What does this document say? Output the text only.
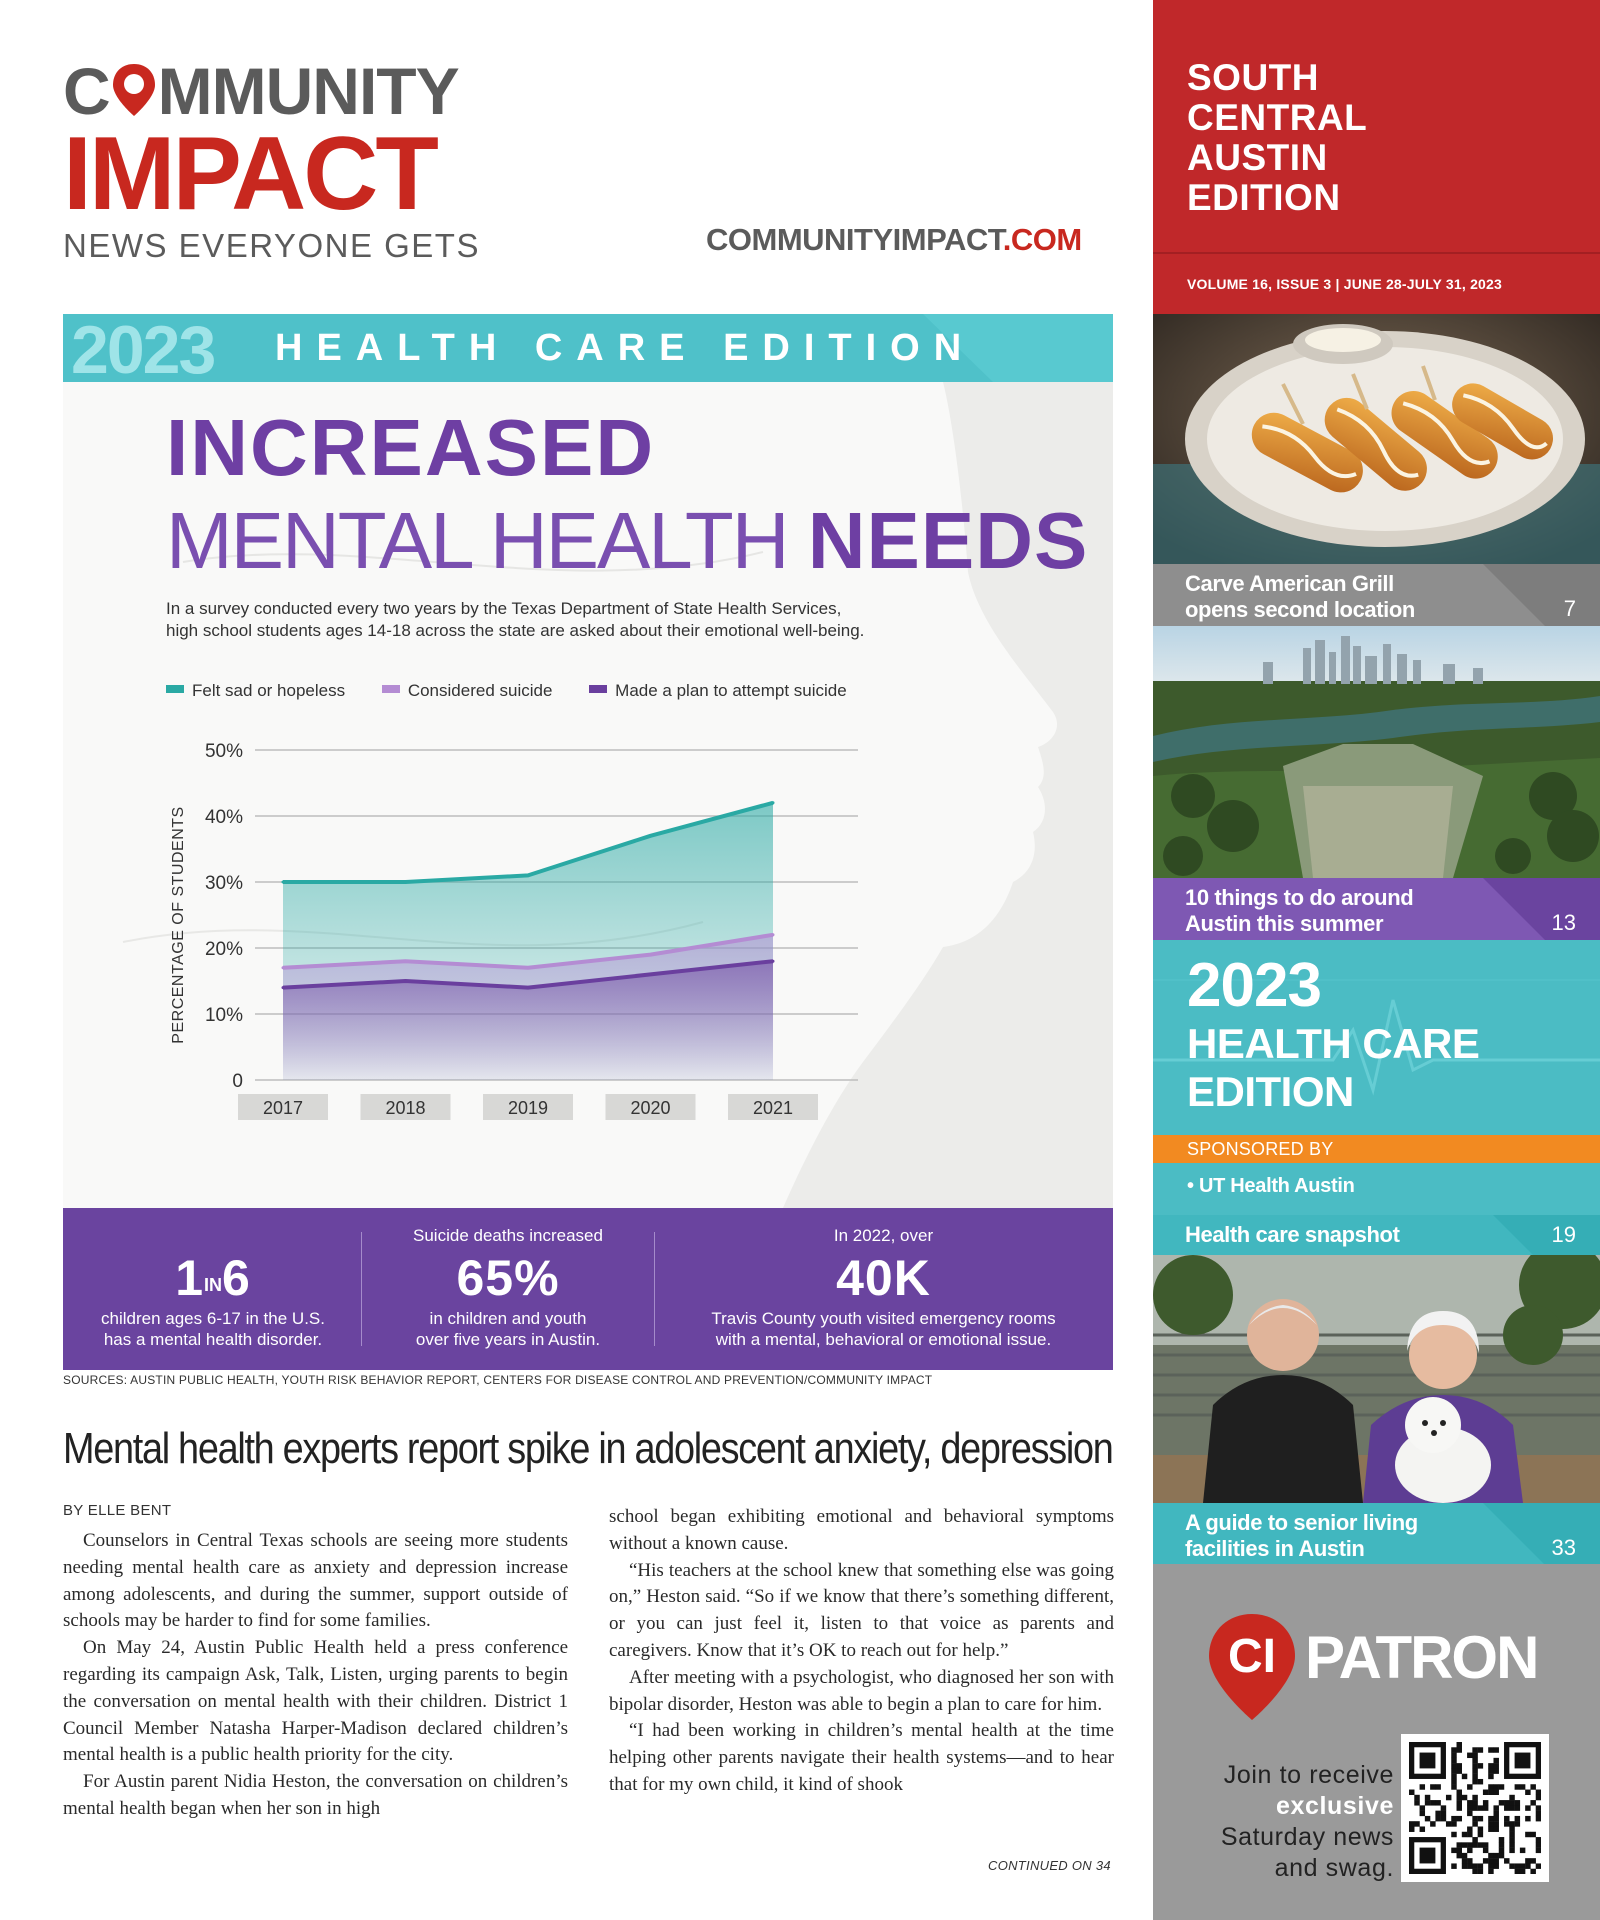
C MMUNITY
IMPACT
NEWS EVERYONE GETS	COMMUNITYIMPACT.COM
2023 HEALTH CARE EDITION
INCREASED
MENTAL HEALTH NEEDS
In a survey conducted every two years by the Texas Department of State Health Services,
high school students ages 14-18 across the state are asked about their emotional well-being.
Felt sad or hopeless	Considered suicide	Made a plan to attempt suicide
0
10%
20%
30%
40%
50%
PERCENTAGE OF STUDENTS
2017	2018	2019	2020	2021
1IN6
children ages 6-17 in the U.S.
has a mental health disorder.
Suicide deaths increased
65%
in children and youth
over five years in Austin.
In 2022, over
40K
Travis County youth visited emergency rooms
with a mental, behavioral or emotional issue.
SOURCES: AUSTIN PUBLIC HEALTH, YOUTH RISK BEHAVIOR REPORT, CENTERS FOR DISEASE CONTROL AND PREVENTION/COMMUNITY IMPACT
Mental health experts report spike in adolescent anxiety, depression
BY ELLE BENT

Counselors in Central Texas schools are seeing more students needing mental health care as anxiety and depression increase among adolescents, and during the summer, support outside of schools may be harder to find for some families.

On May 24, Austin Public Health held a press conference regarding its campaign Ask, Talk, Listen, urging parents to begin the conversation on mental health with their children. District 1 Council Member Natasha Harper-Madison declared children’s mental health is a public health priority for the city.

For Austin parent Nidia Heston, the conversation on children’s mental health began when her son in high

school began exhibiting emotional and behavioral symptoms without a known cause.

“His teachers at the school knew that something else was going on,” Heston said. “So if we know that there’s something different, or you can just feel it, listen to that voice as parents and caregivers. Know that it’s OK to reach out for help.”

After meeting with a psychologist, who diagnosed her son with bipolar disorder, Heston was able to begin a plan to care for him.

“I had been working in children’s mental health at the time helping other parents navigate their health systems—and to hear that for my own child, it kind of shook

CONTINUED ON 34
SOUTH
CENTRAL
AUSTIN
EDITION
VOLUME 16, ISSUE 3 | JUNE 28-JULY 31, 2023
Carve American Grill
opens second location	7
10 things to do around
Austin this summer	13
2023
HEALTH CARE
EDITION
SPONSORED BY
• UT Health Austin
Health care snapshot	19
A guide to senior living
facilities in Austin	33
CI PATRON
Join to receive
exclusive
Saturday news
and swag.
